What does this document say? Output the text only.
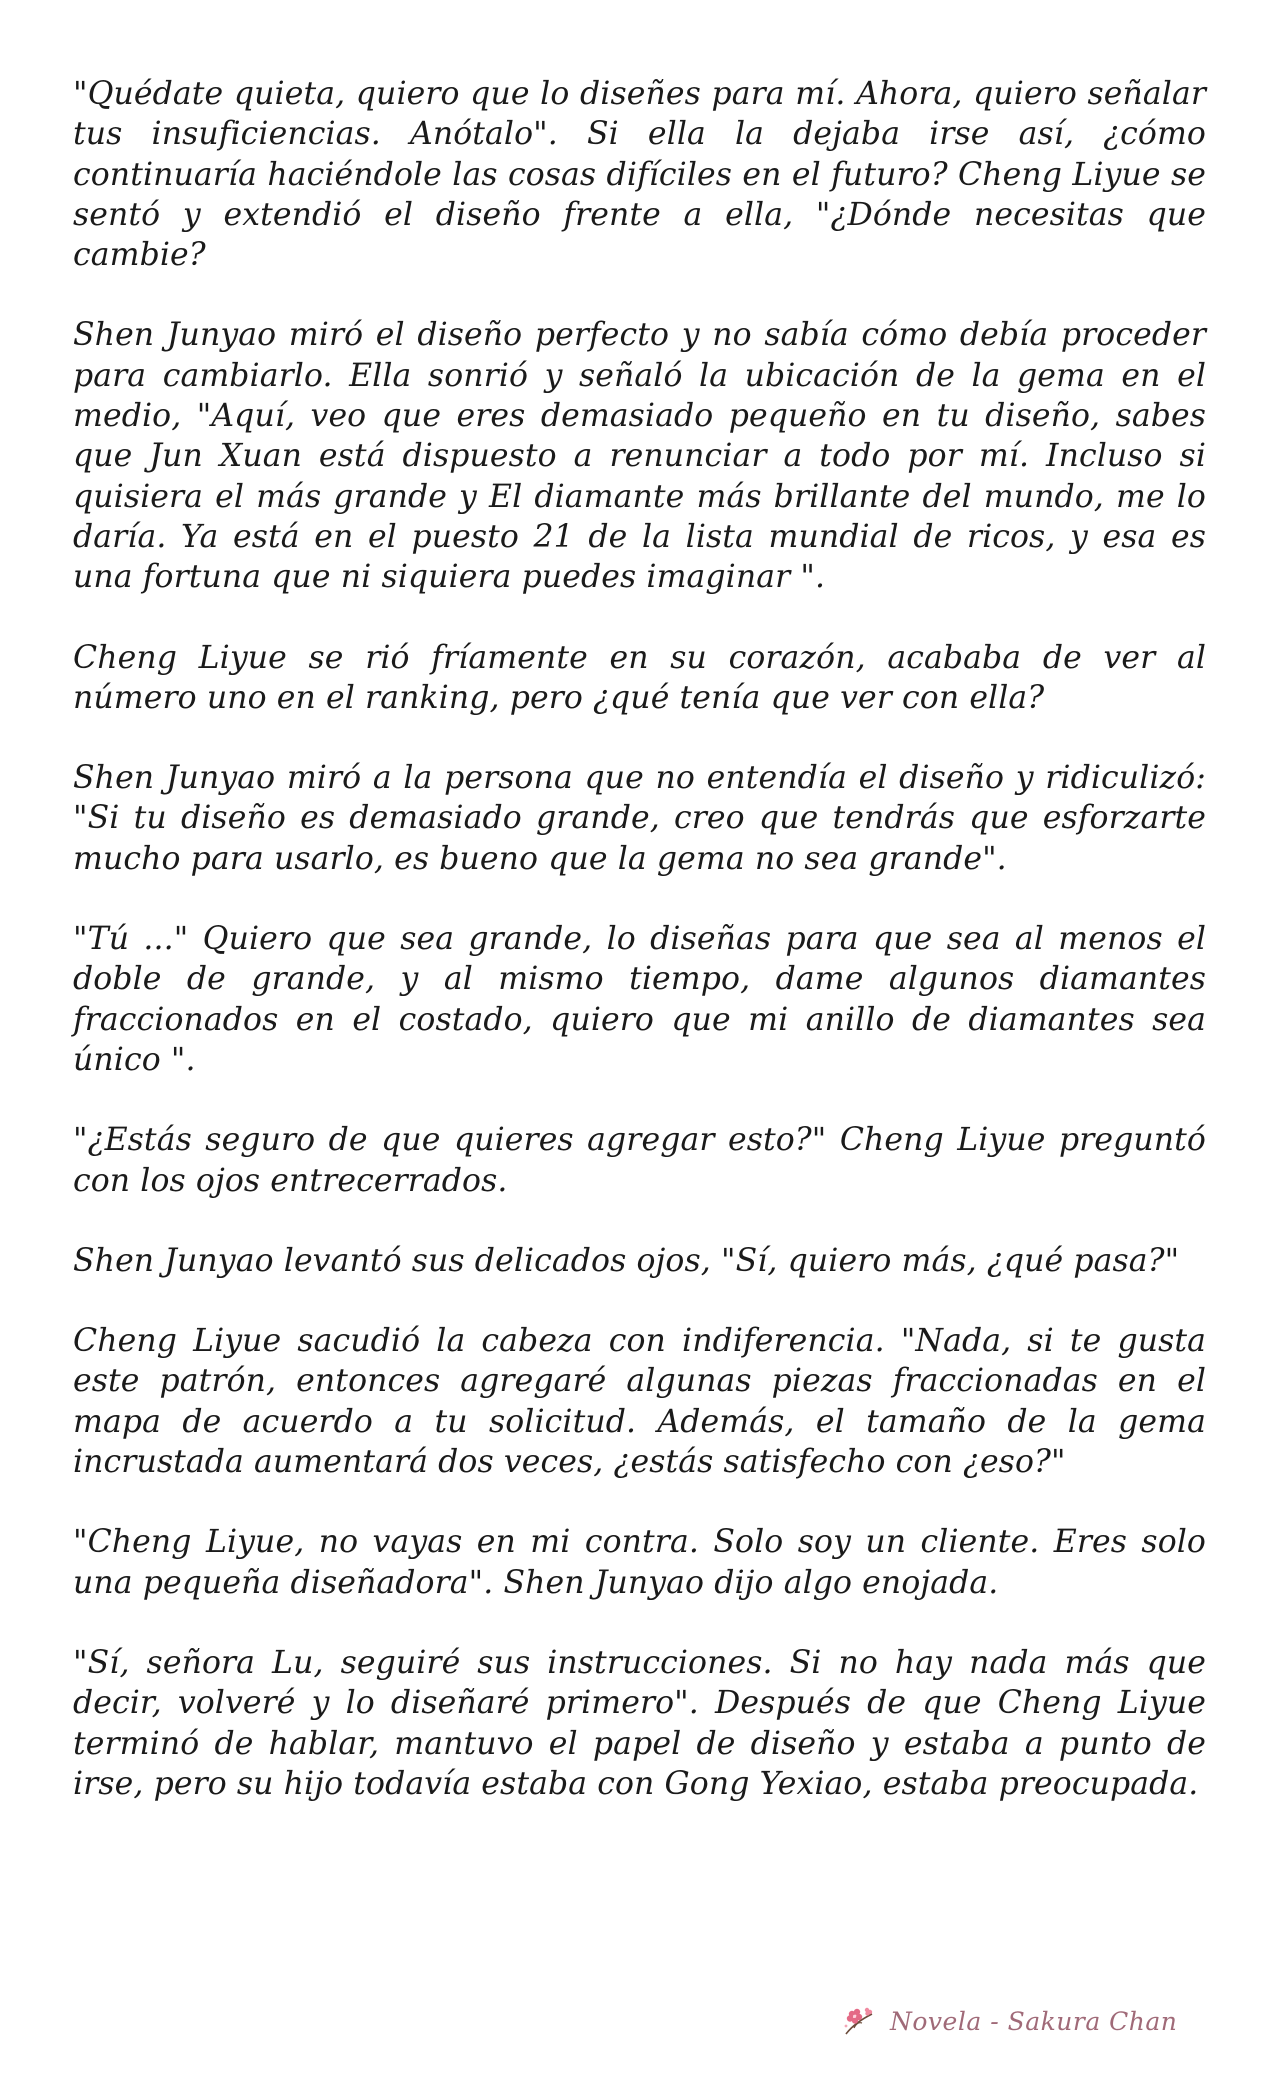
"Quédate quieta, quiero que lo diseñes para mí. Ahora, quiero señalar tus insuficiencias. Anótalo". Si ella la dejaba irse así, ¿cómo continuaría haciéndole las cosas difíciles en el futuro? Cheng Liyue se sentó y extendió el diseño frente a ella, "¿Dónde necesitas que cambie?

Shen Junyao miró el diseño perfecto y no sabía cómo debía proceder para cambiarlo. Ella sonrió y señaló la ubicación de la gema en el medio, "Aquí, veo que eres demasiado pequeño en tu diseño, sabes que Jun Xuan está dispuesto a renunciar a todo por mí. Incluso si quisiera el más grande y El diamante más brillante del mundo, me lo daría. Ya está en el puesto 21 de la lista mundial de ricos, y esa es una fortuna que ni siquiera puedes imaginar ".

Cheng Liyue se rió fríamente en su corazón, acababa de ver al número uno en el ranking, pero ¿qué tenía que ver con ella?

Shen Junyao miró a la persona que no entendía el diseño y ridiculizó: "Si tu diseño es demasiado grande, creo que tendrás que esforzarte mucho para usarlo, es bueno que la gema no sea grande".

"Tú ..." Quiero que sea grande, lo diseñas para que sea al menos el doble de grande, y al mismo tiempo, dame algunos diamantes fraccionados en el costado, quiero que mi anillo de diamantes sea único ".

"¿Estás seguro de que quieres agregar esto?" Cheng Liyue preguntó con los ojos entrecerrados.

Shen Junyao levantó sus delicados ojos, "Sí, quiero más, ¿qué pasa?"

Cheng Liyue sacudió la cabeza con indiferencia. "Nada, si te gusta este patrón, entonces agregaré algunas piezas fraccionadas en el mapa de acuerdo a tu solicitud. Además, el tamaño de la gema incrustada aumentará dos veces, ¿estás satisfecho con ¿eso?"

"Cheng Liyue, no vayas en mi contra. Solo soy un cliente. Eres solo una pequeña diseñadora". Shen Junyao dijo algo enojada.

"Sí, señora Lu, seguiré sus instrucciones. Si no hay nada más que decir, volveré y lo diseñaré primero". Después de que Cheng Liyue terminó de hablar, mantuvo el papel de diseño y estaba a punto de irse, pero su hijo todavía estaba con Gong Yexiao, estaba preocupada.

Novela - Sakura Chan
